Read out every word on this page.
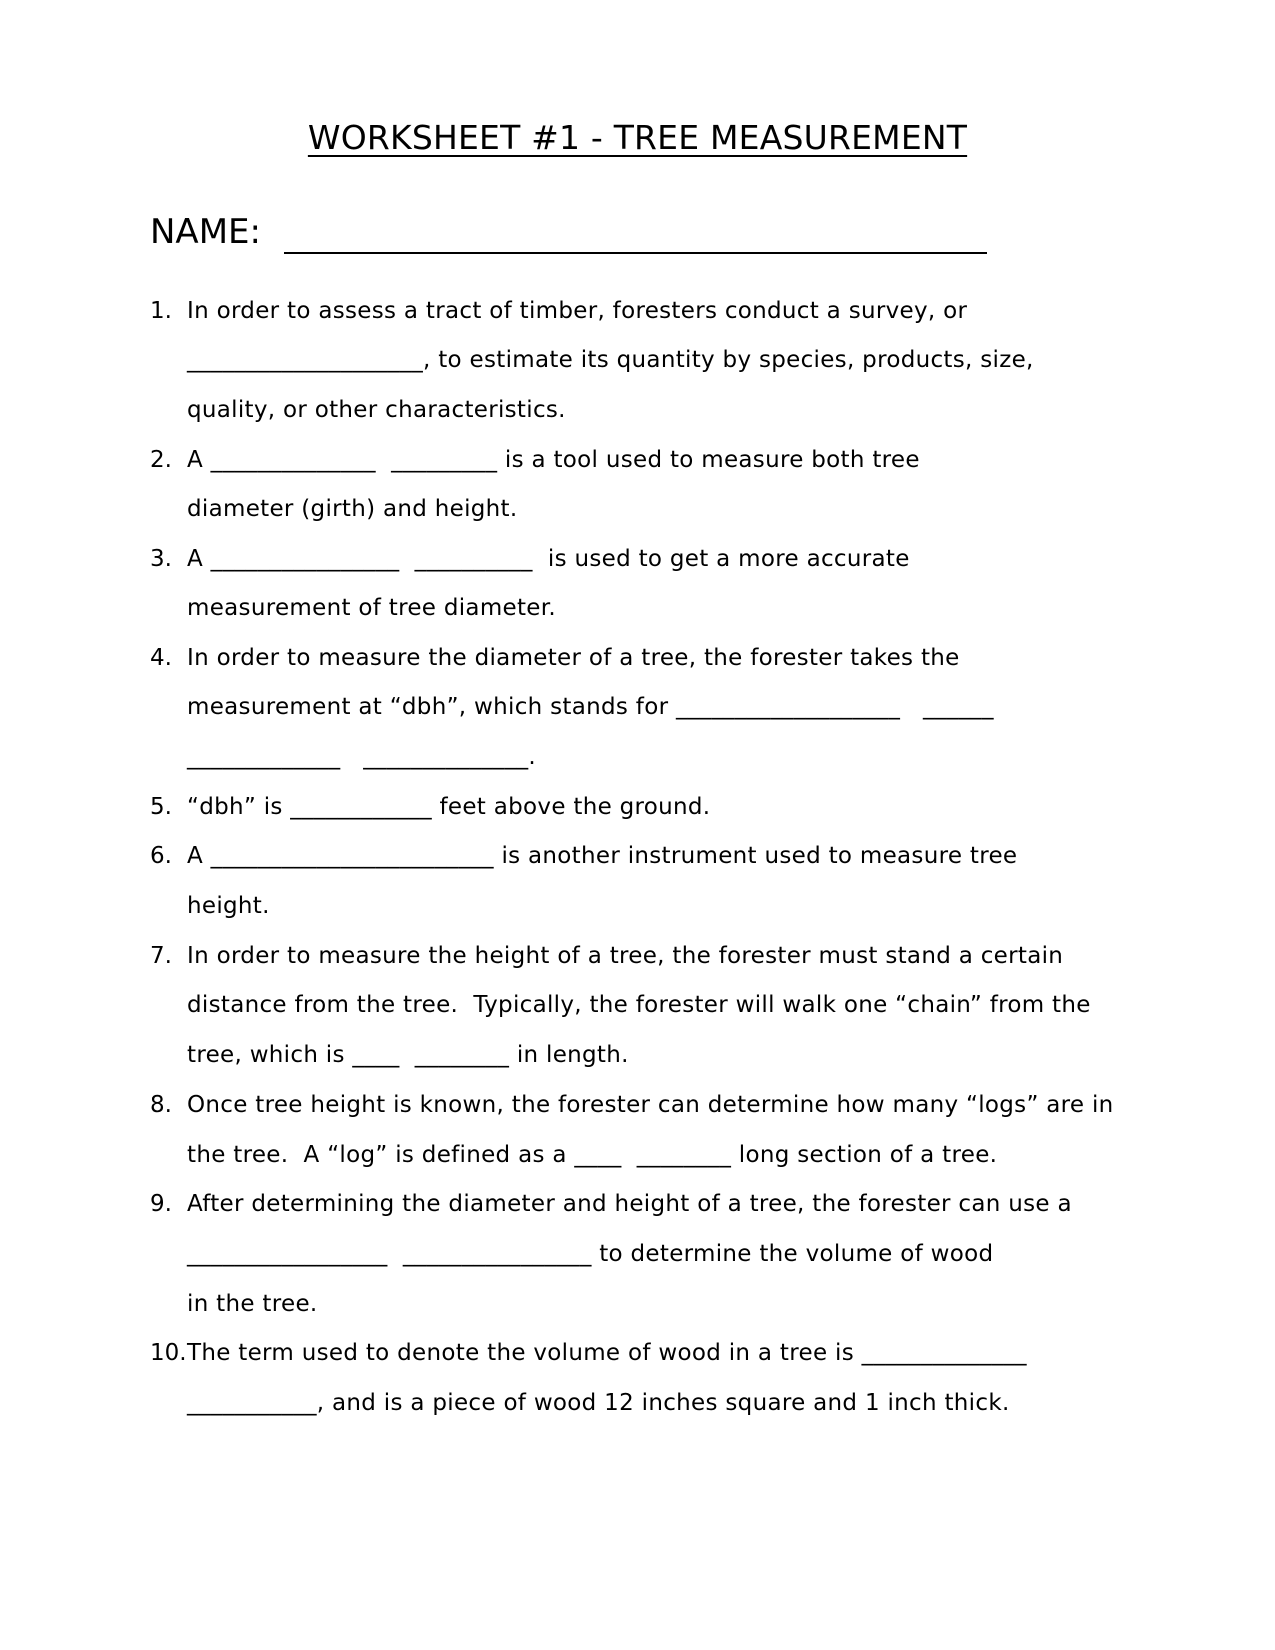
WORKSHEET #1 - TREE MEASUREMENT
NAME:
1. In order to assess a tract of timber, foresters conduct a survey, or
____________________, to estimate its quantity by species, products, size,
quality, or other characteristics.
2. A ______________  _________ is a tool used to measure both tree
diameter (girth) and height.
3. A ________________  __________  is used to get a more accurate
measurement of tree diameter.
4. In order to measure the diameter of a tree, the forester takes the
measurement at “dbh”, which stands for ___________________   ______
_____________   ______________.
5. “dbh” is ____________ feet above the ground.
6. A ________________________ is another instrument used to measure tree
height.
7. In order to measure the height of a tree, the forester must stand a certain
distance from the tree.  Typically, the forester will walk one “chain” from the
tree, which is ____  ________ in length.
8. Once tree height is known, the forester can determine how many “logs” are in
the tree.  A “log” is defined as a ____  ________ long section of a tree.
9. After determining the diameter and height of a tree, the forester can use a
_________________  ________________ to determine the volume of wood
in the tree.
10. The term used to denote the volume of wood in a tree is ______________
___________, and is a piece of wood 12 inches square and 1 inch thick.
